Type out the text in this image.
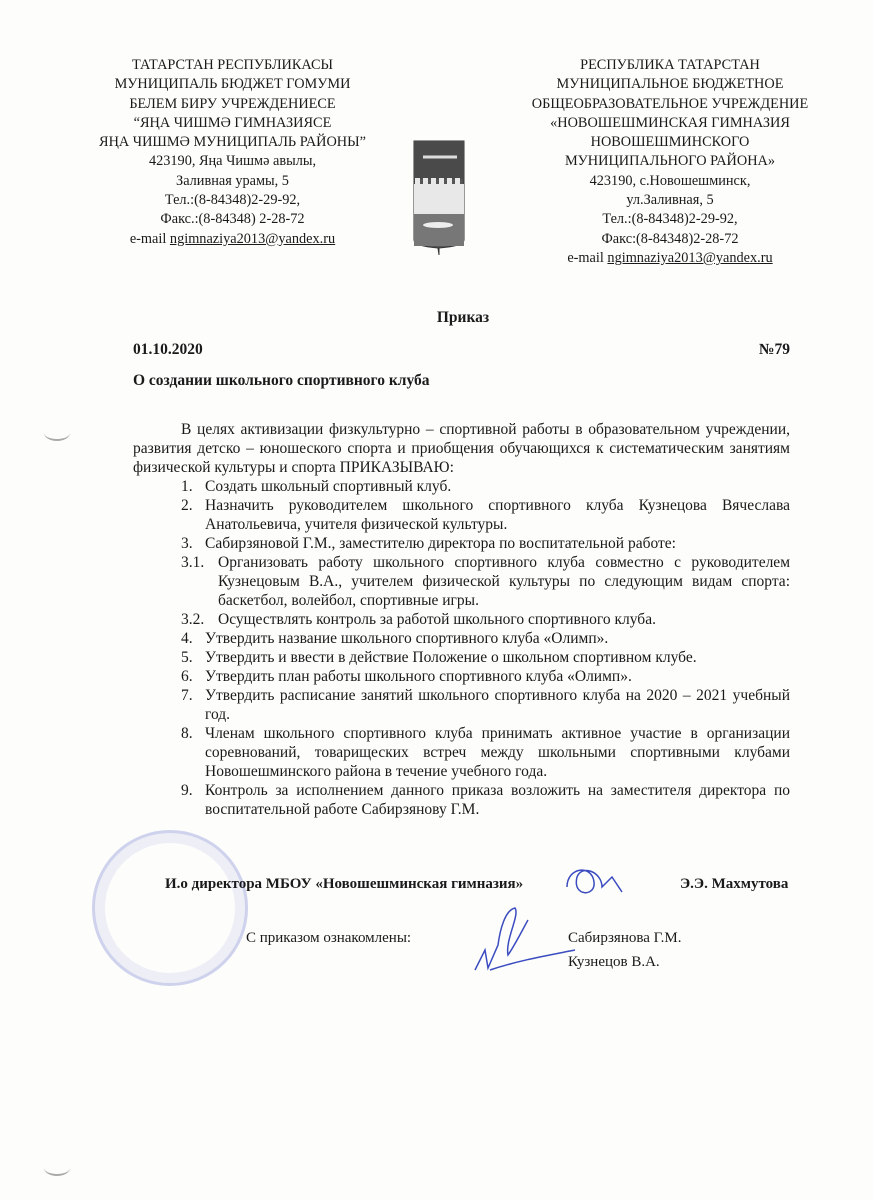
ТАТАРСТАН РЕСПУБЛИКАСЫ
МУНИЦИПАЛЬ БЮДЖЕТ ГОМУМИ
БЕЛЕМ БИРУ УЧРЕЖДЕНИЕСЕ
“ЯҢА ЧИШМӘ ГИМНАЗИЯСЕ
ЯҢА ЧИШМӘ МУНИЦИПАЛЬ РАЙОНЫ”
423190, Яңа Чишмә авылы,
Заливная урамы, 5
Тел.:(8-84348)2-29-92,
Факс.:(8-84348) 2-28-72
e-mail ngimnaziya2013@yandex.ru
РЕСПУБЛИКА ТАТАРСТАН
МУНИЦИПАЛЬНОЕ БЮДЖЕТНОЕ
ОБЩЕОБРАЗОВАТЕЛЬНОЕ УЧРЕЖДЕНИЕ
«НОВОШЕШМИНСКАЯ ГИМНАЗИЯ
НОВОШЕШМИНСКОГО
МУНИЦИПАЛЬНОГО РАЙОНА»
423190, с.Новошешминск,
ул.Заливная, 5
Тел.:(8-84348)2-29-92,
Факс:(8-84348)2-28-72
e-mail ngimnaziya2013@yandex.ru
Приказ
01.10.2020	№79
О создании школьного спортивного клуба

В целях активизации физкультурно – спортивной работы в образовательном учреждении, развития детско – юношеского спорта и приобщения обучающихся к систематическим занятиям физической культуры и спорта ПРИКАЗЫВАЮ:

1. Создать школьный спортивный клуб.
2. Назначить руководителем школьного спортивного клуба Кузнецова Вячеслава Анатольевича, учителя физической культуры.
3. Сабирзяновой Г.М., заместителю директора по воспитательной работе:
3.1. Организовать работу школьного спортивного клуба совместно с руководителем Кузнецовым В.А., учителем физической культуры по следующим видам спорта: баскетбол, волейбол, спортивные игры.
3.2. Осуществлять контроль за работой школьного спортивного клуба.
4. Утвердить название школьного спортивного клуба «Олимп».
5. Утвердить и ввести в действие Положение о школьном спортивном клубе.
6. Утвердить план работы школьного спортивного клуба «Олимп».
7. Утвердить расписание занятий школьного спортивного клуба на 2020 – 2021 учебный год.
8. Членам школьного спортивного клуба принимать активное участие в организации соревнований, товарищеских встреч между школьными спортивными клубами Новошешминского района в течение учебного года.
9. Контроль за исполнением данного приказа возложить на заместителя директора по воспитательной работе Сабирзянову Г.М.
И.о директора МБОУ «Новошешминская гимназия»	Э.Э. Махмутова
С приказом ознакомлены:	Сабирзянова Г.М.
Кузнецов В.А.
